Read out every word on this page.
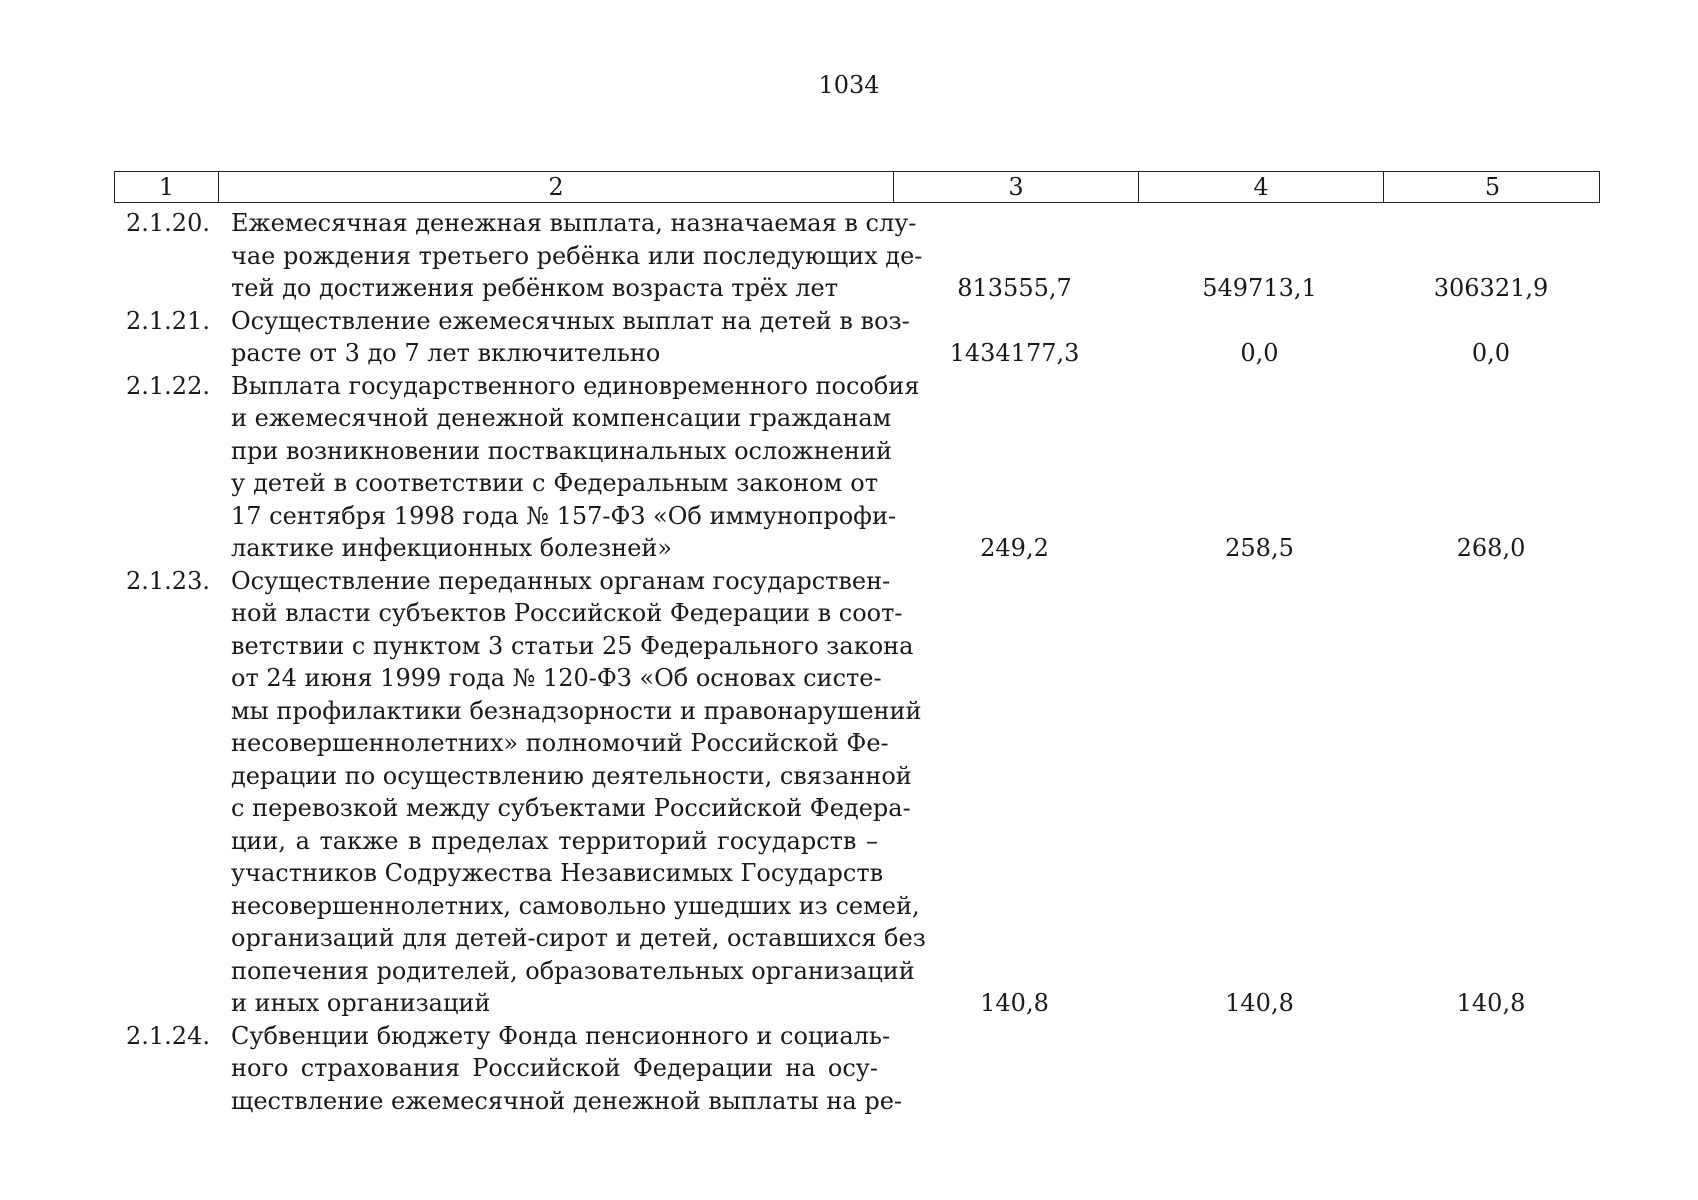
1034
1	2	3	4	5
2.1.20. Ежемесячная денежная выплата, назначаемая в слу-
чае рождения третьего ребёнка или последующих де-
тей до достижения ребёнком возраста трёх лет	813555,7	549713,1	306321,9
2.1.21. Осуществление ежемесячных выплат на детей в воз-
расте от 3 до 7 лет включительно	1434177,3	0,0	0,0
2.1.22. Выплата государственного единовременного пособия
и ежемесячной денежной компенсации гражданам
при возникновении поствакцинальных осложнений
у детей в соответствии с Федеральным законом от
17 сентября 1998 года № 157-ФЗ «Об иммунопрофи-
лактике инфекционных болезней»	249,2	258,5	268,0
2.1.23. Осуществление переданных органам государствен-
ной власти субъектов Российской Федерации в соот-
ветствии с пунктом 3 статьи 25 Федерального закона
от 24 июня 1999 года № 120-ФЗ «Об основах систе-
мы профилактики безнадзорности и правонарушений
несовершеннолетних» полномочий Российской Фе-
дерации по осуществлению деятельности, связанной
с перевозкой между субъектами Российской Федера-
ции, а также в пределах территорий государств –
участников Содружества Независимых Государств
несовершеннолетних, самовольно ушедших из семей,
организаций для детей-сирот и детей, оставшихся без
попечения родителей, образовательных организаций
и иных организаций	140,8	140,8	140,8
2.1.24. Субвенции бюджету Фонда пенсионного и социаль-
ного страхования Российской Федерации на осу-
ществление ежемесячной денежной выплаты на ре-
